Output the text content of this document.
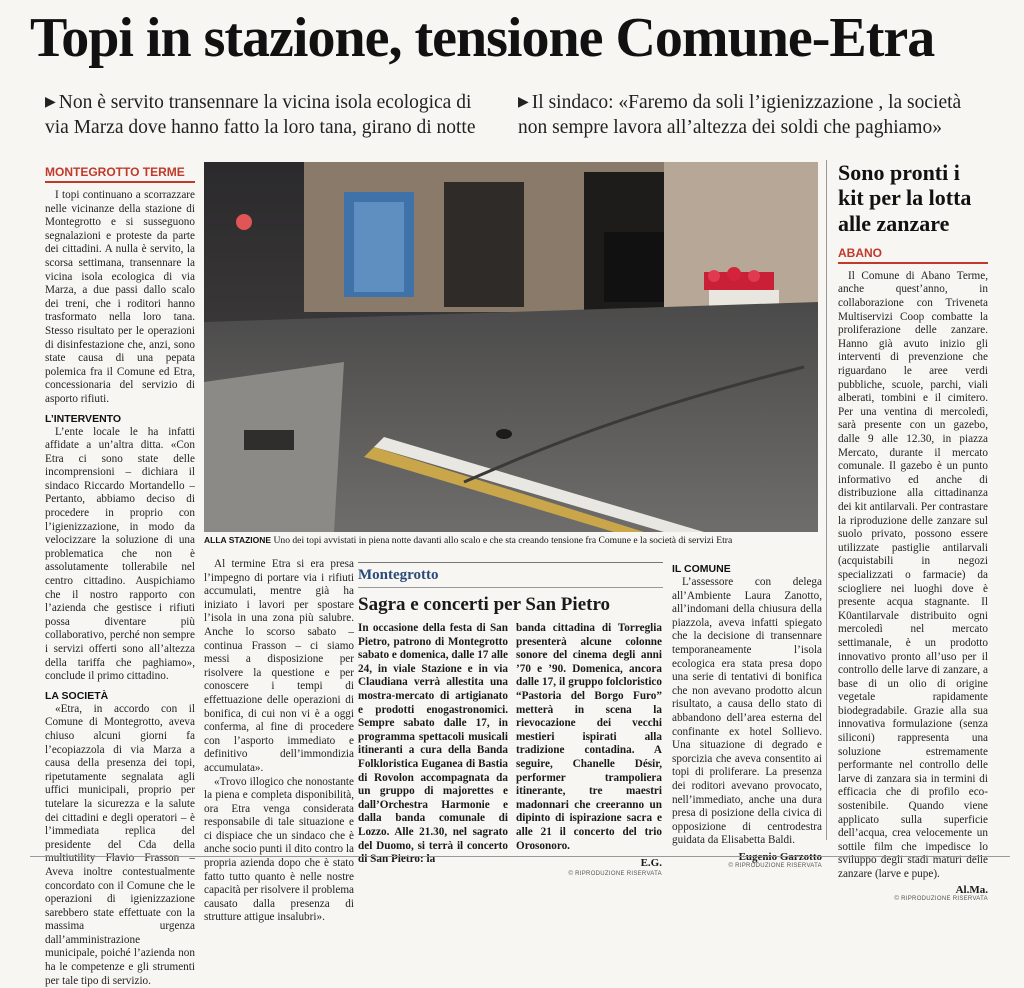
Topi in stazione, tensione Comune-Etra
▶ Non è servito transennare la vicina isola ecologica di via Marza dove hanno fatto la loro tana, girano di notte
▶ Il sindaco: «Faremo da soli l’igienizzazione , la società non sempre lavora all’altezza dei soldi che paghiamo»
MONTEGROTTO TERME

I topi continuano a scorrazzare nelle vicinanze della stazione di Montegrotto e si susseguono segnalazioni e proteste da parte dei cittadini. A nulla è servito, la scorsa settimana, transennare la vicina isola ecologica di via Marza, a due passi dallo scalo dei treni, che i roditori hanno trasformato nella loro tana. Stesso risultato per le operazioni di disinfestazione che, anzi, sono state causa di una pepata polemica fra il Comune ed Etra, concessionaria del servizio di asporto rifiuti.

L’INTERVENTO

L’ente locale le ha infatti affidate a un’altra ditta. «Con Etra ci sono state delle incomprensioni – dichiara il sindaco Riccardo Mortandello – Pertanto, abbiamo deciso di procedere in proprio con l’igienizzazione, in modo da velocizzare la soluzione di una problematica che non è assolutamente tollerabile nel centro cittadino. Auspichiamo che il nostro rapporto con l’azienda che gestisce i rifiuti possa diventare più collaborativo, perché non sempre i servizi offerti sono all’altezza della tariffa che paghiamo», conclude il primo cittadino.

LA SOCIETÀ

«Etra, in accordo con il Comune di Montegrotto, aveva chiuso alcuni giorni fa l’ecopiazzola di via Marza a causa della presenza dei topi, ripetutamente segnalata agli uffici municipali, proprio per tutelare la sicurezza e la salute dei cittadini e degli operatori – è l’immediata replica del presidente del Cda della multiutility Flavio Frasson – Aveva inoltre contestualmente concordato con il Comune che le operazioni di igienizzazione sarebbero state effettuate con la massima urgenza dall’amministrazione municipale, poiché l’azienda non ha le competenze e gli strumenti per tale tipo di servizio.

ALLA STAZIONE Uno dei topi avvistati in piena notte davanti allo scalo e che sta creando tensione fra Comune e la società di servizi Etra

Al termine Etra si era presa l’impegno di portare via i rifiuti accumulati, mentre già ha iniziato i lavori per spostare l’isola in una zona più salubre. Anche lo scorso sabato – continua Frasson – ci siamo messi a disposizione per risolvere la questione e per conoscere i tempi di effettuazione delle operazioni di bonifica, di cui non vi è a oggi conferma, al fine di procedere con l’asporto immediato e definitivo dell’immondizia accumulata».

«Trovo illogico che nonostante la piena e completa disponibilità, ora Etra venga considerata responsabile di tale situazione e ci dispiace che un sindaco che è anche socio punti il dito contro la propria azienda dopo che è stato fatto tutto quanto è nelle nostre capacità per risolvere il problema causato dalla presenza di strutture attigue insalubri».

Montegrotto
Sagra e concerti per San Pietro
In occasione della festa di San Pietro, patrono di Montegrotto sabato e domenica, dalle 17 alle 24, in viale Stazione e in via Claudiana verrà allestita una mostra-mercato di artigianato e prodotti enogastronomici. Sempre sabato dalle 17, in programma spettacoli musicali itineranti a cura della Banda Folkloristica Euganea di Bastia di Rovolon accompagnata da un gruppo di majorettes e dall’Orchestra Harmonie e dalla banda comunale di Lozzo. Alle 21.30, nel sagrato del Duomo, si terrà il concerto di San Pietro: la
banda cittadina di Torreglia presenterà alcune colonne sonore del cinema degli anni ’70 e ’90. Domenica, ancora dalle 17, il gruppo folcloristico “Pastoria del Borgo Furo” metterà in scena la rievocazione dei vecchi mestieri ispirati alla tradizione contadina. A seguire, Chanelle Désir, performer trampoliera itinerante, tre maestri madonnari che creeranno un dipinto di ispirazione sacra e alle 21 il concerto del trio Orosonoro.
E.G.
© RIPRODUZIONE RISERVATA
IL COMUNE

L’assessore con delega all’Ambiente Laura Zanotto, all’indomani della chiusura della piazzola, aveva infatti spiegato che la decisione di transennare temporaneamente l’isola ecologica era stata presa dopo una serie di tentativi di bonifica che non avevano prodotto alcun risultato, a causa dello stato di abbandono dell’area esterna del confinante ex hotel Sollievo. Una situazione di degrado e sporcizia che aveva consentito ai topi di proliferare. La presenza dei roditori avevano provocato, nell’immediato, anche una dura presa di posizione della civica di opposizione di centrodestra guidata da Elisabetta Baldi.

Eugenio Garzotto
© RIPRODUZIONE RISERVATA
Sono pronti i kit per la lotta alle zanzare
ABANO

Il Comune di Abano Terme, anche quest’anno, in collaborazione con Triveneta Multiservizi Coop combatte la proliferazione delle zanzare. Hanno già avuto inizio gli interventi di prevenzione che riguardano le aree verdi pubbliche, scuole, parchi, viali alberati, tombini e il cimitero. Per una ventina di mercoledì, sarà presente con un gazebo, dalle 9 alle 12.30, in piazza Mercato, durante il mercato comunale. Il gazebo è un punto informativo ed anche di distribuzione alla cittadinanza dei kit antilarvali. Per contrastare la riproduzione delle zanzare sul suolo privato, possono essere utilizzate pastiglie antilarvali (acquistabili in negozi specializzati o farmacie) da sciogliere nei luoghi dove è presente acqua stagnante. Il K0antilarvale distribuito ogni mercoledì nel mercato settimanale, è un prodotto innovativo pronto all’uso per il controllo delle larve di zanzare, a base di un olio di origine vegetale rapidamente biodegradabile. Grazie alla sua innovativa formulazione (senza siliconi) rappresenta una soluzione estremamente performante nel controllo delle larve di zanzara sia in termini di efficacia che di profilo eco-sostenibile. Quando viene applicato sulla superficie dell’acqua, crea velocemente un sottile film che impedisce lo sviluppo degli stadi maturi delle zanzare (larve e pupe).

Al.Ma.
© RIPRODUZIONE RISERVATA
